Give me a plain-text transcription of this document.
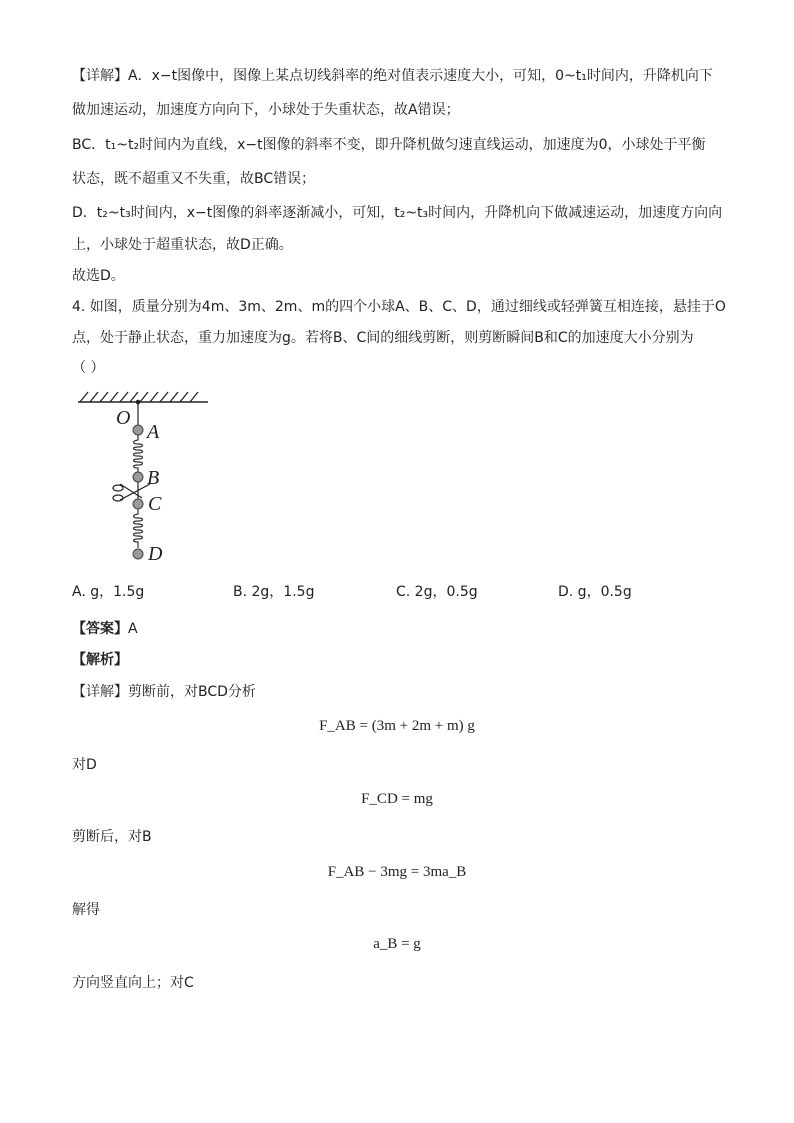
【详解】A．x−t图像中，图像上某点切线斜率的绝对值表示速度大小，可知，0~t₁时间内，升降机向下
做加速运动，加速度方向向下，小球处于失重状态，故A错误；
BC．t₁~t₂时间内为直线，x−t图像的斜率不变，即升降机做匀速直线运动，加速度为0，小球处于平衡
状态，既不超重又不失重，故BC错误；
D．t₂~t₃时间内，x−t图像的斜率逐渐减小，可知，t₂~t₃时间内，升降机向下做减速运动，加速度方向向
上，小球处于超重状态，故D正确。
故选D。
4. 如图，质量分别为4m、3m、2m、m的四个小球A、B、C、D，通过细线或轻弹簧互相连接，悬挂于O
点，处于静止状态，重力加速度为g。若将B、C间的细线剪断，则剪断瞬间B和C的加速度大小分别为
（ ）
O
A
B
C
D
A. g，1.5g	B. 2g，1.5g	C. 2g，0.5g	D. g，0.5g
【答案】A
【解析】
【详解】剪断前，对BCD分析
F_AB = (3m + 2m + m) g
对D
F_CD = mg
剪断后，对B
F_AB − 3mg = 3ma_B
解得
a_B = g
方向竖直向上；对C
